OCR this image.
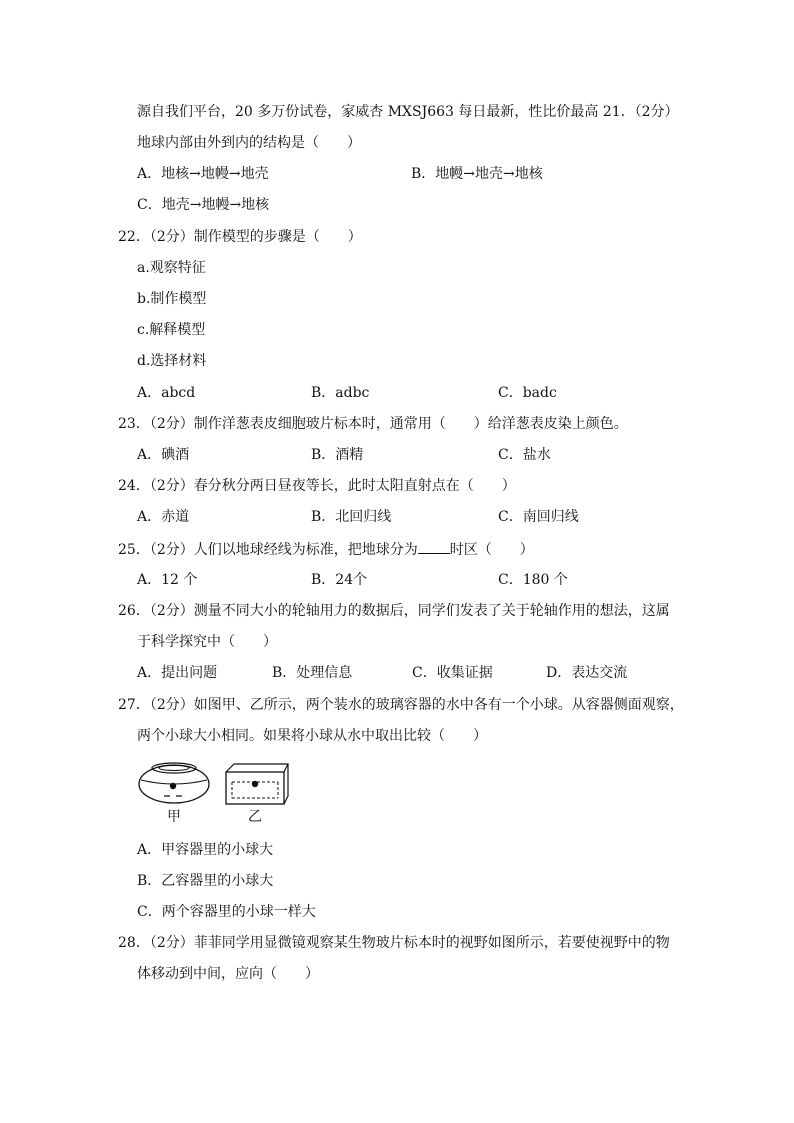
源自我们平台，20 多万份试卷，家威杏 MXSJ663 每日最新，性比价最高 21．（2分）
地球内部由外到内的结构是（　　）
A．地核→地幔→地壳	B．地幔→地壳→地核
C．地壳→地幔→地核
22．（2分）制作模型的步骤是（　　）
a.观察特征
b.制作模型
c.解释模型
d.选择材料
A．abcd	B．adbc	C．badc
23．（2分）制作洋葱表皮细胞玻片标本时，通常用（　　）给洋葱表皮染上颜色。
A．碘酒	B．酒精	C．盐水
24．（2分）春分秋分两日昼夜等长，此时太阳直射点在（　　）
A．赤道	B．北回归线	C．南回归线
25．（2分）人们以地球经线为标准，把地球分为 时区（　　）
A．12 个	B．24个	C．180 个
26．（2分）测量不同大小的轮轴用力的数据后，同学们发表了关于轮轴作用的想法，这属
于科学探究中（　　）
A．提出问题	B．处理信息	C．收集证据	D．表达交流
27．（2分）如图甲、乙所示，两个装水的玻璃容器的水中各有一个小球。从容器侧面观察，
两个小球大小相同。如果将小球从水中取出比较（　　）
甲	乙
A．甲容器里的小球大
B．乙容器里的小球大
C．两个容器里的小球一样大
28．（2分）菲菲同学用显微镜观察某生物玻片标本时的视野如图所示，若要使视野中的物
体移动到中间，应向（　　）
